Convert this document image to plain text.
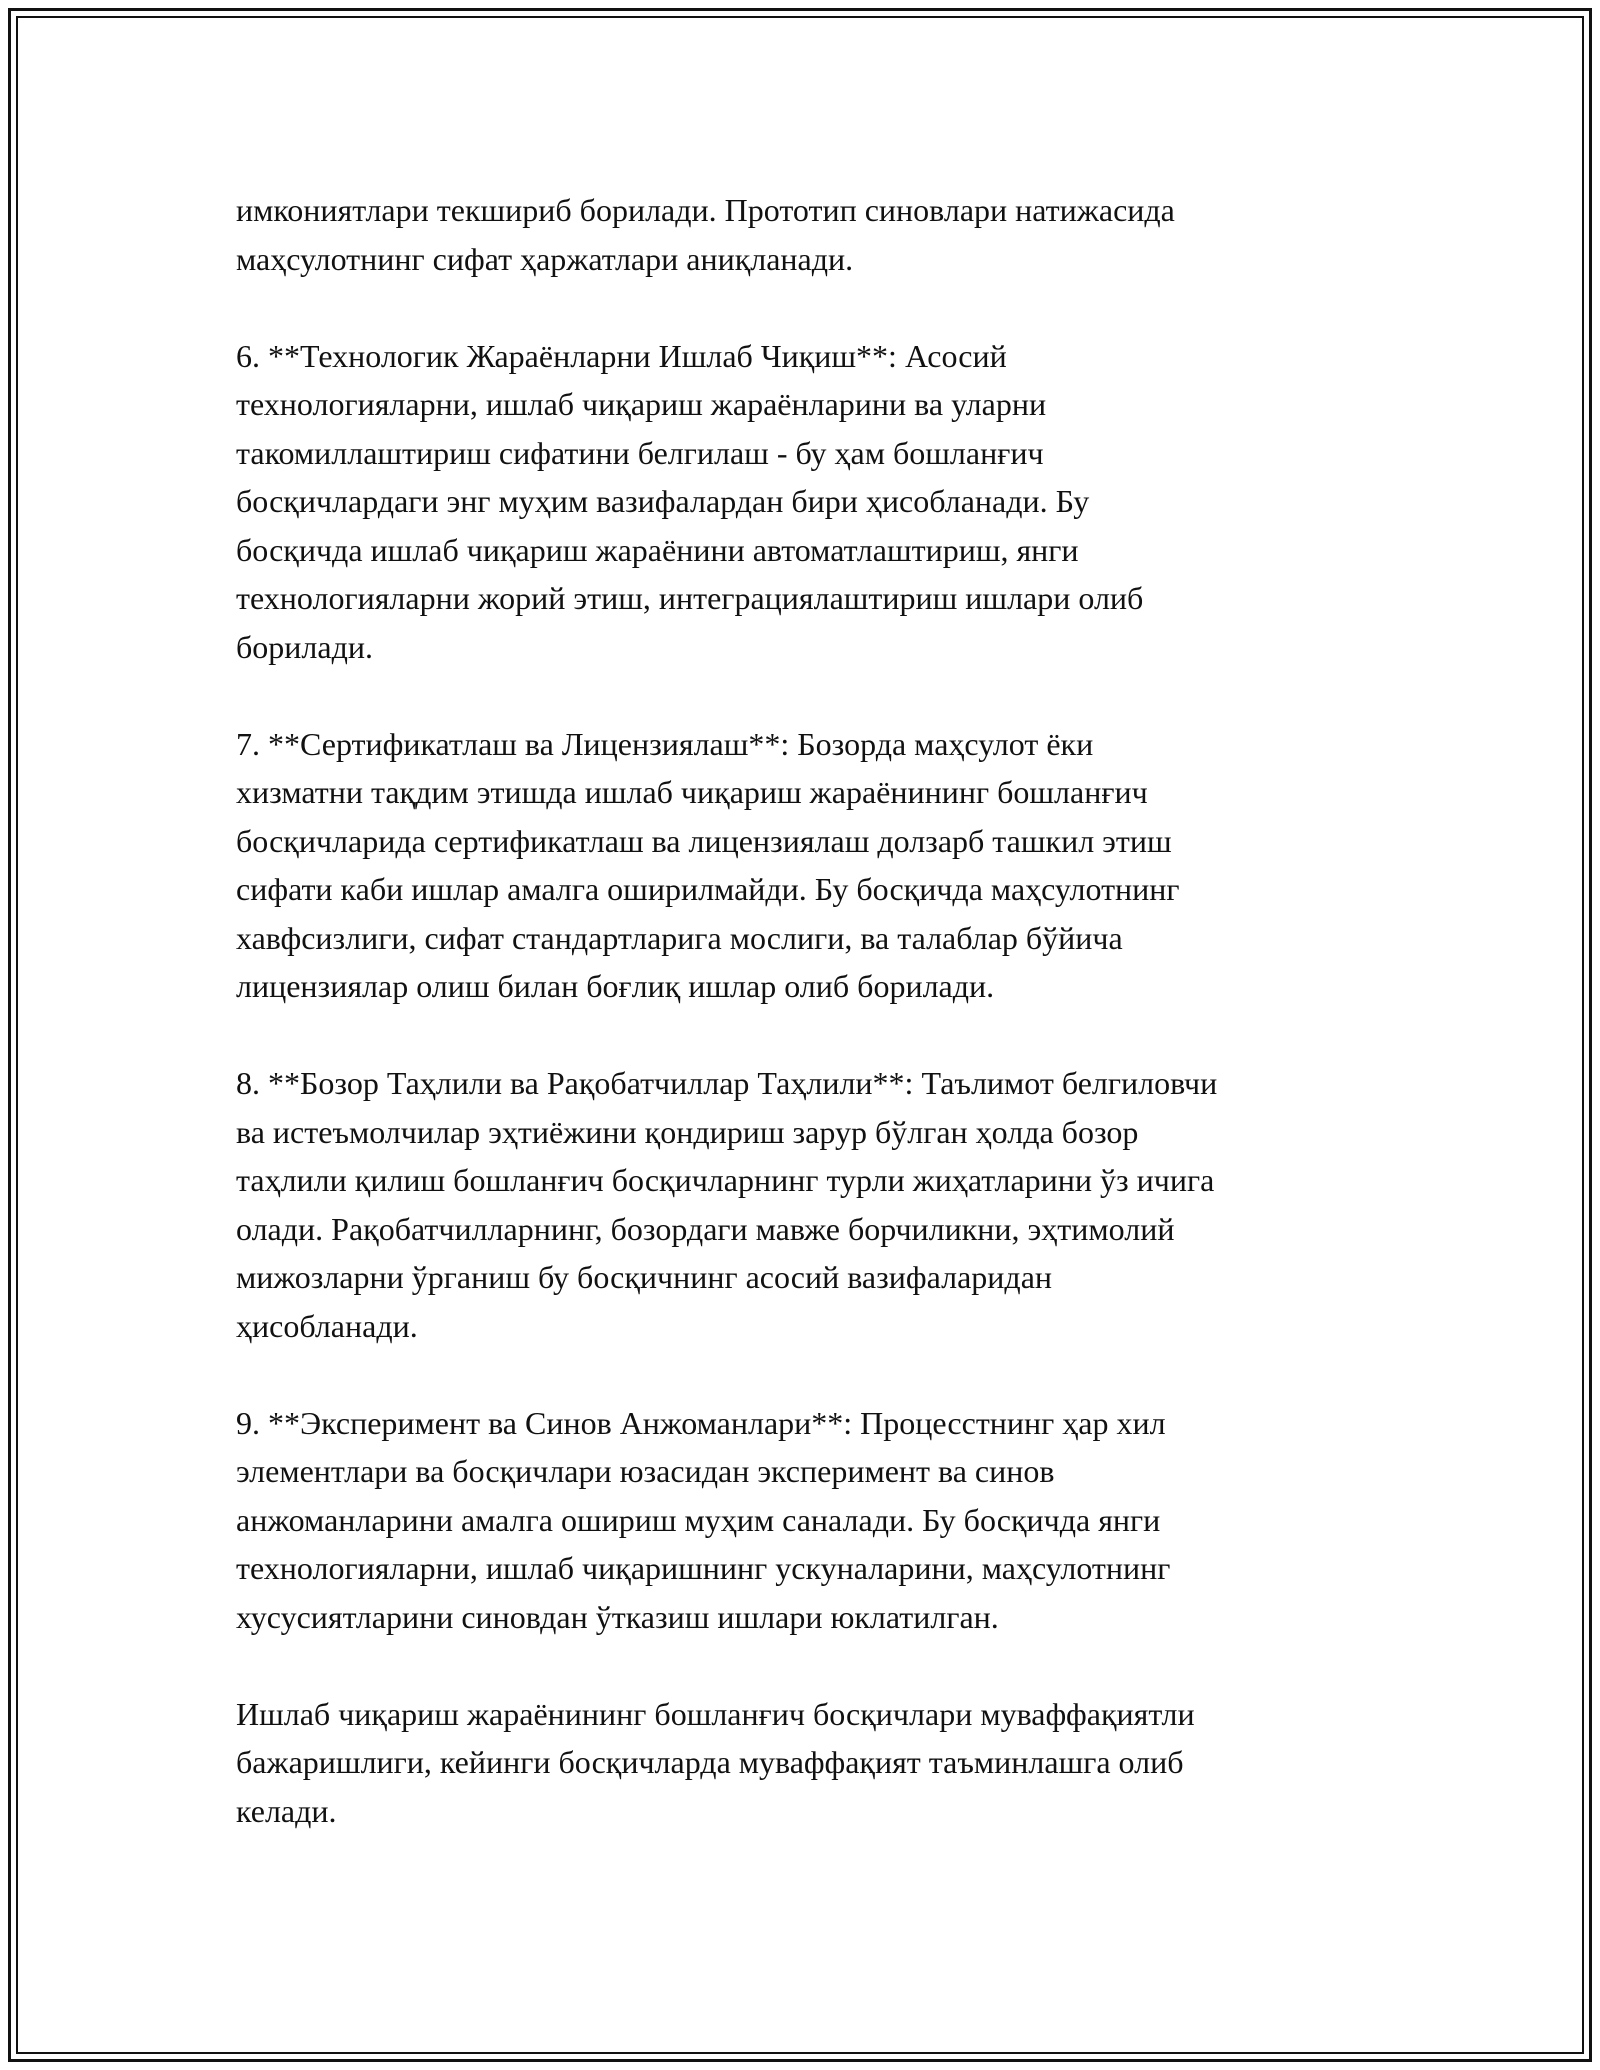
имкониятлари текшириб борилади. Прототип синовлари натижасида
маҳсулотнинг сифат ҳаржатлари аниқланади.

6. **Технологик Жараёнларни Ишлаб Чиқиш**: Асосий
технологияларни, ишлаб чиқариш жараёнларини ва уларни
такомиллаштириш сифатини белгилаш - бу ҳам бошланғич
босқичлардаги энг муҳим вазифалардан бири ҳисобланади. Бу
босқичда ишлаб чиқариш жараёнини автоматлаштириш, янги
технологияларни жорий этиш, интеграциялаштириш ишлари олиб
борилади.

7. **Сертификатлаш ва Лицензиялаш**: Бозорда маҳсулот ёки
хизматни тақдим этишда ишлаб чиқариш жараёнининг бошланғич
босқичларида сертификатлаш ва лицензиялаш долзарб ташкил этиш
сифати каби ишлар амалга оширилмайди. Бу босқичда маҳсулотнинг
хавфсизлиги, сифат стандартларига мослиги, ва талаблар бўйича
лицензиялар олиш билан боғлиқ ишлар олиб борилади.

8. **Бозор Таҳлили ва Рақобатчиллар Таҳлили**: Таълимот белгиловчи
ва истеъмолчилар эҳтиёжини қондириш зарур бўлган ҳолда бозор
таҳлили қилиш бошланғич босқичларнинг турли жиҳатларини ўз ичига
олади. Рақобатчилларнинг, бозордаги мавже борчиликни, эҳтимолий
мижозларни ўрганиш бу босқичнинг асосий вазифаларидан
ҳисобланади.

9. **Эксперимент ва Синов Анжоманлари**: Процесстнинг ҳар хил
элементлари ва босқичлари юзасидан эксперимент ва синов
анжоманларини амалга ошириш муҳим саналади. Бу босқичда янги
технологияларни, ишлаб чиқаришнинг ускуналарини, маҳсулотнинг
хусусиятларини синовдан ўтказиш ишлари юклатилган.

Ишлаб чиқариш жараёнининг бошланғич босқичлари муваффақиятли
бажаришлиги, кейинги босқичларда муваффақият таъминлашга олиб
келади.
